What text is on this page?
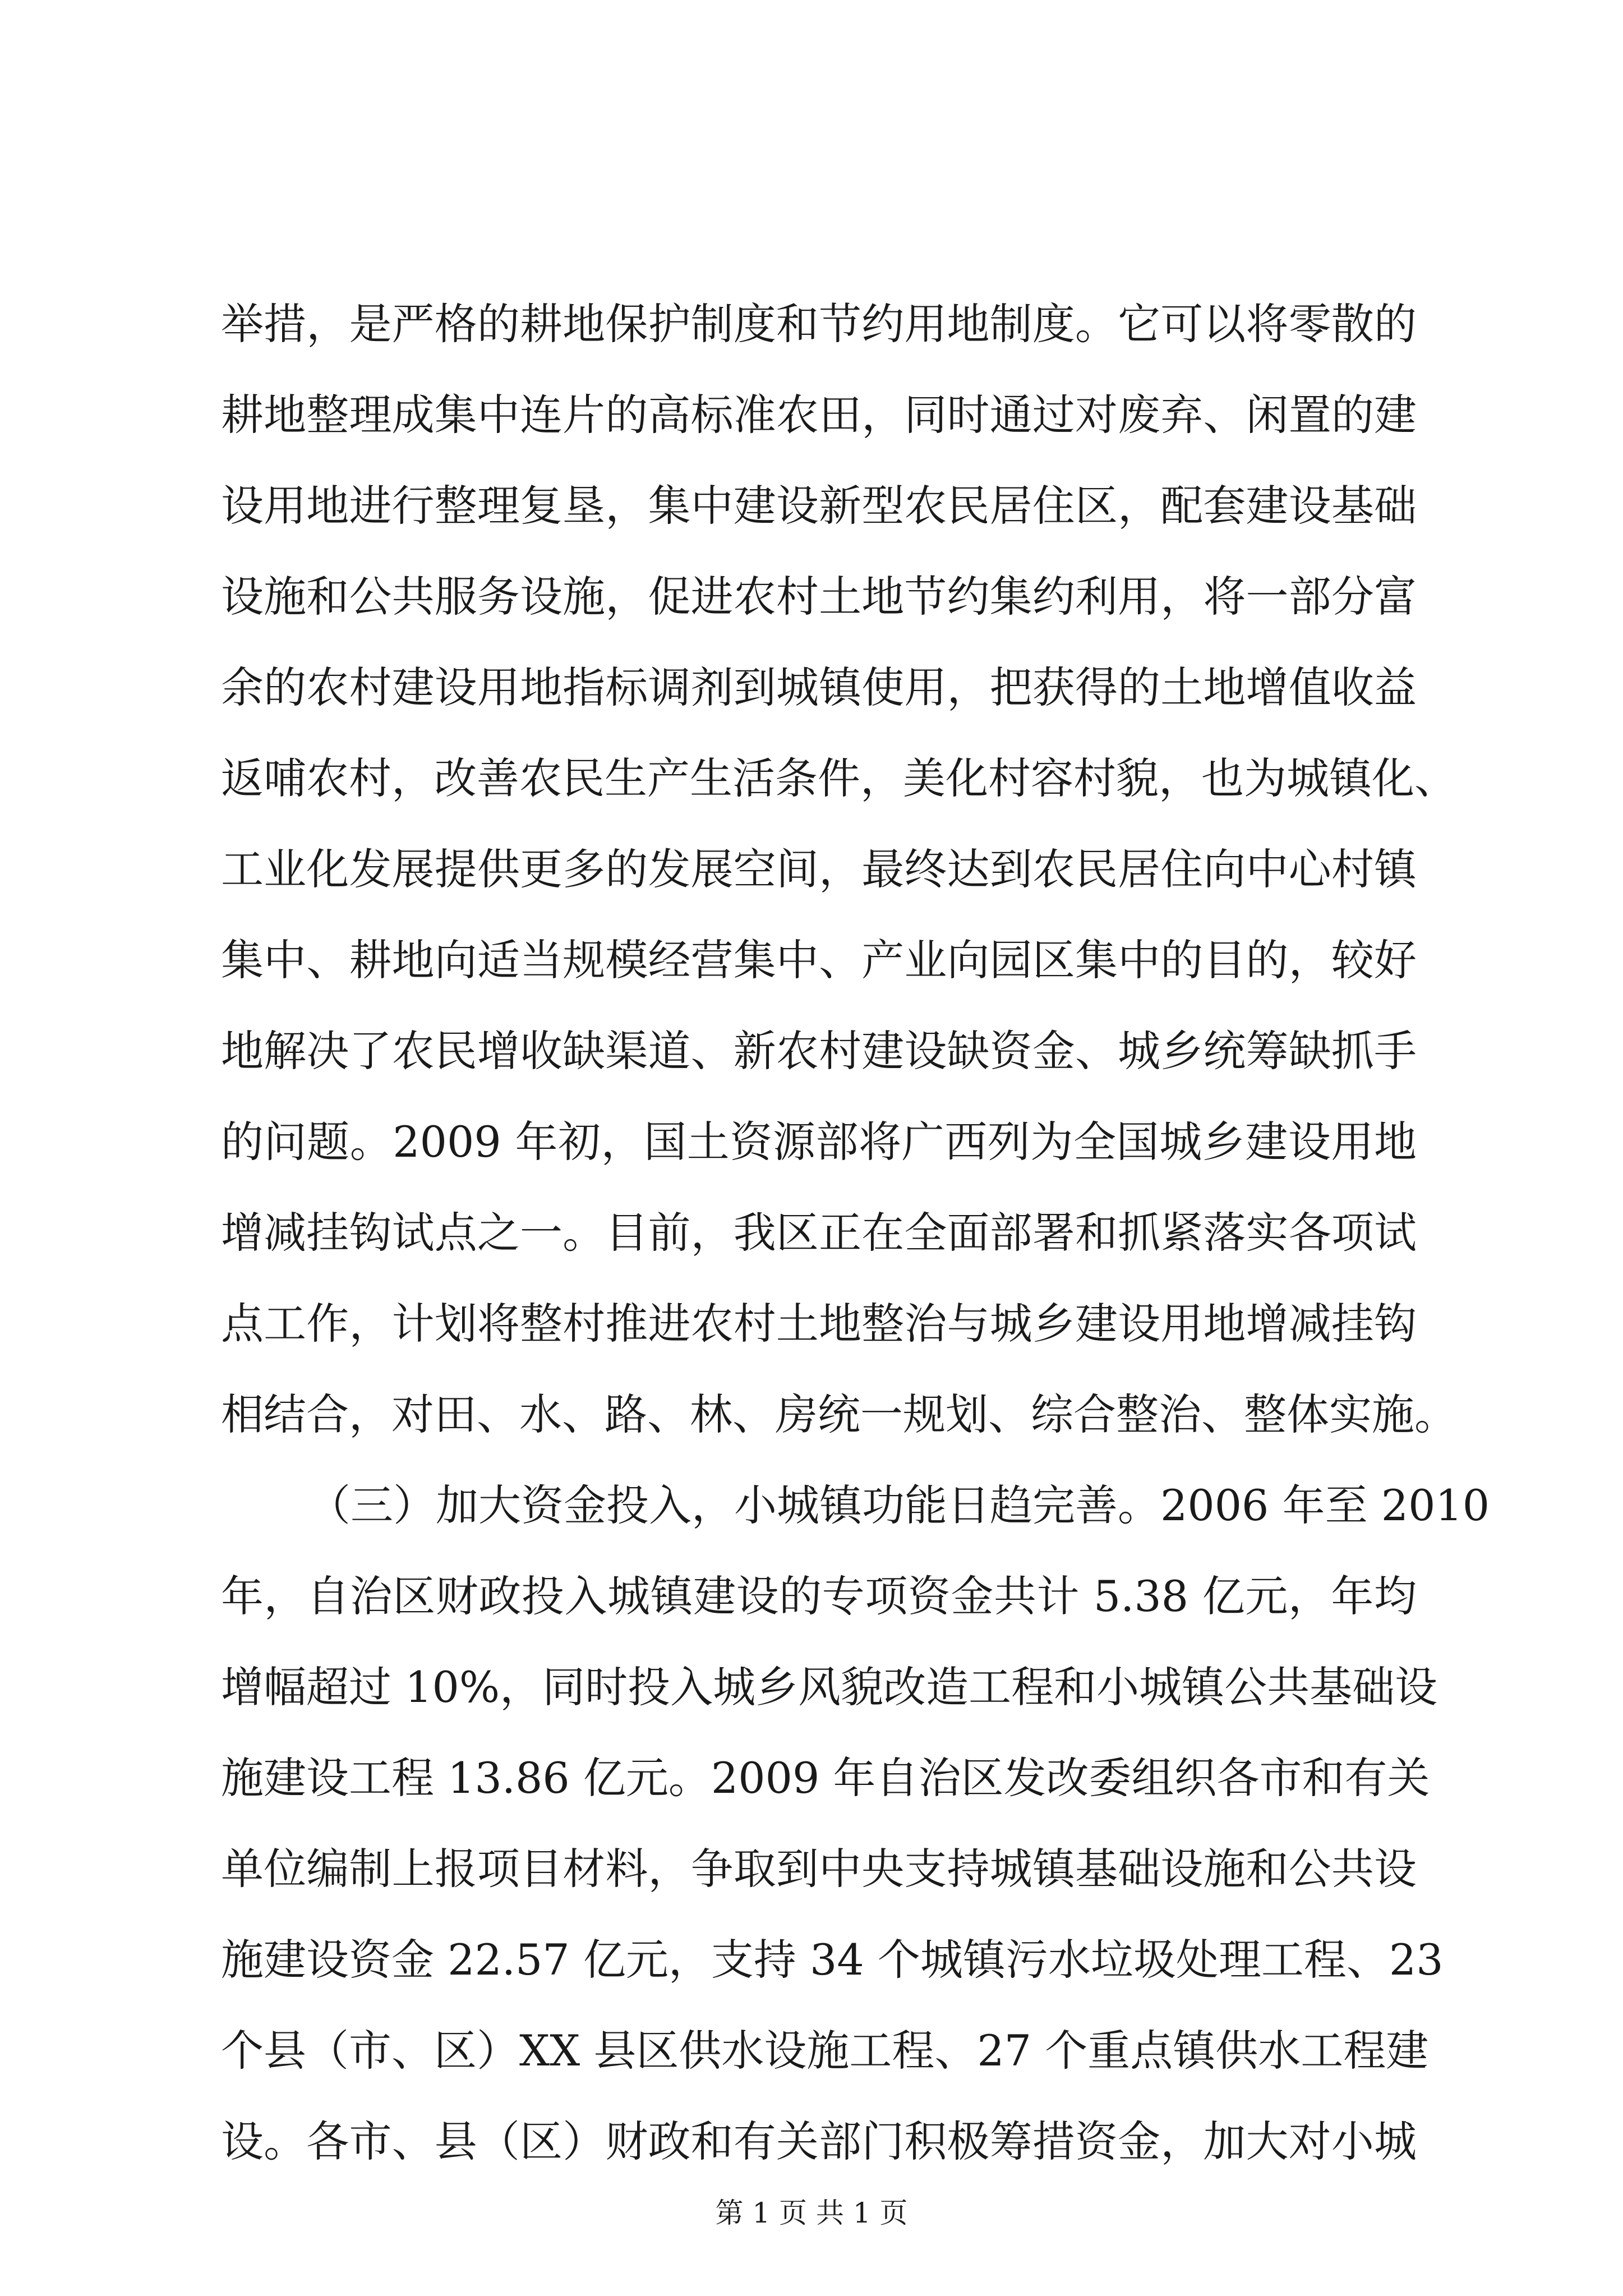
举措，是严格的耕地保护制度和节约用地制度。它可以将零散的
耕地整理成集中连片的高标准农田，同时通过对废弃、闲置的建
设用地进行整理复垦，集中建设新型农民居住区，配套建设基础
设施和公共服务设施，促进农村土地节约集约利用，将一部分富
余的农村建设用地指标调剂到城镇使用，把获得的土地增值收益
返哺农村，改善农民生产生活条件，美化村容村貌，也为城镇化、
工业化发展提供更多的发展空间，最终达到农民居住向中心村镇
集中、耕地向适当规模经营集中、产业向园区集中的目的，较好
地解决了农民增收缺渠道、新农村建设缺资金、城乡统筹缺抓手
的问题。2009 年初，国土资源部将广西列为全国城乡建设用地
增减挂钩试点之一。目前，我区正在全面部署和抓紧落实各项试
点工作，计划将整村推进农村土地整治与城乡建设用地增减挂钩
相结合，对田、水、路、林、房统一规划、综合整治、整体实施。
（三）加大资金投入，小城镇功能日趋完善。2006 年至 2010
年，自治区财政投入城镇建设的专项资金共计 5.38 亿元，年均
增幅超过 10%，同时投入城乡风貌改造工程和小城镇公共基础设
施建设工程 13.86 亿元。2009 年自治区发改委组织各市和有关
单位编制上报项目材料，争取到中央支持城镇基础设施和公共设
施建设资金 22.57 亿元，支持 34 个城镇污水垃圾处理工程、23
个县（市、区）XX 县区供水设施工程、27 个重点镇供水工程建
设。各市、县（区）财政和有关部门积极筹措资金，加大对小城
第 1 页 共 1 页
